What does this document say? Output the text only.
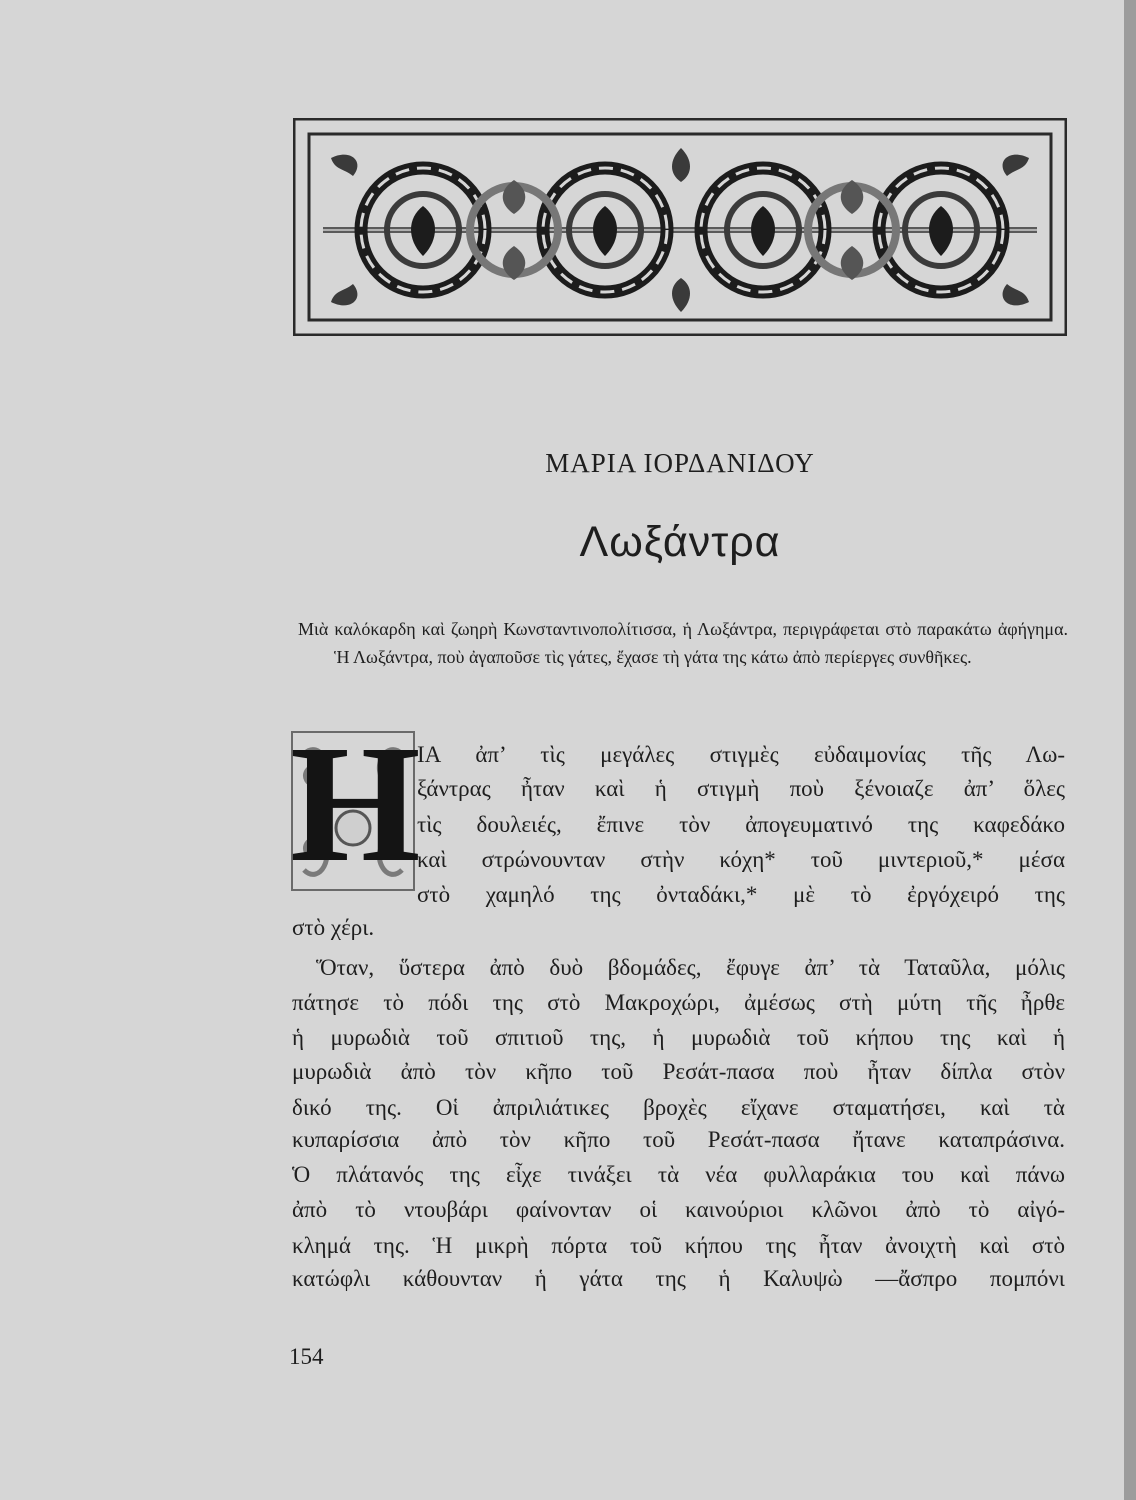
ΜΑΡΙΑ ΙΟΡΔΑΝΙΔΟΥ
Λωξάντρα

Μιὰ καλόκαρδη καὶ ζωηρὴ Κωνσταντινοπολίτισσα, ἡ Λωξάντρα, περιγράφεται στὸ παρακάτω ἀφήγημα. Ἡ Λωξάντρα, ποὺ ἀγαποῦσε τὶς γάτες, ἔχασε τὴ γάτα της κάτω ἀπὸ περίεργες συνθῆκες.

Η
ΙΑ ἀπ’ τὶς μεγάλες στιγμὲς εὐδαιμονίας τῆς Λω-
ξάντρας ἦταν καὶ ἡ στιγμὴ ποὺ ξένοιαζε ἀπ’ ὅλες
τὶς δουλειές, ἔπινε τὸν ἀπογευματινό της καφεδάκο
καὶ στρώνουνταν στὴν κόχη* τοῦ μιντεριοῦ,* μέσα
στὸ χαμηλό της ὀνταδάκι,* μὲ τὸ ἐργόχειρό της
στὸ χέρι.
Ὅταν, ὕστερα ἀπὸ δυὸ βδομάδες, ἔφυγε ἀπ’ τὰ Ταταῦλα, μόλις
πάτησε τὸ πόδι της στὸ Μακροχώρι, ἀμέσως στὴ μύτη τῆς ἦρθε
ἡ μυρωδιὰ τοῦ σπιτιοῦ της, ἡ μυρωδιὰ τοῦ κήπου της καὶ ἡ
μυρωδιὰ ἀπὸ τὸν κῆπο τοῦ Ρεσάτ-πασα ποὺ ἦταν δίπλα στὸν
δικό της. Οἱ ἀπριλιάτικες βροχὲς εἴχανε σταματήσει, καὶ τὰ
κυπαρίσσια ἀπὸ τὸν κῆπο τοῦ Ρεσάτ-πασα ἤτανε καταπράσινα.
Ὁ πλάτανός της εἶχε τινάξει τὰ νέα φυλλαράκια του καὶ πάνω
ἀπὸ τὸ ντουβάρι φαίνονταν οἱ καινούριοι κλῶνοι ἀπὸ τὸ αἰγό-
κλημά της. Ἡ μικρὴ πόρτα τοῦ κήπου της ἦταν ἀνοιχτὴ καὶ στὸ
κατώφλι κάθουνταν ἡ γάτα της ἡ Καλυψὼ —ἄσπρο πομπόνι

154
